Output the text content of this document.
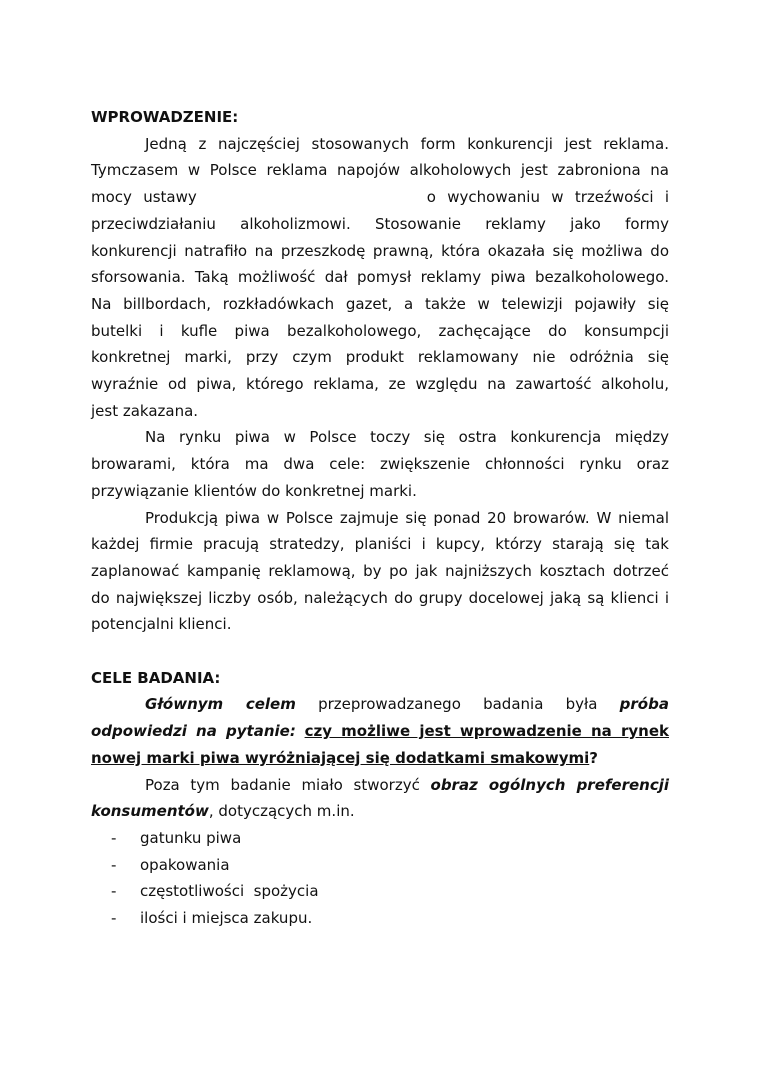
WPROWADZENIE:

Jedną z najczęściej stosowanych form konkurencji jest reklama.
Tymczasem w Polsce reklama napojów alkoholowych jest zabroniona na
mocy ustawy	o wychowaniu w trzeźwości i
przeciwdziałaniu alkoholizmowi. Stosowanie reklamy jako formy
konkurencji natrafiło na przeszkodę prawną, która okazała się możliwa do
sforsowania. Taką możliwość dał pomysł reklamy piwa bezalkoholowego.
Na billbordach, rozkładówkach gazet, a także w telewizji pojawiły się
butelki i kufle piwa bezalkoholowego, zachęcające do konsumpcji
konkretnej marki, przy czym produkt reklamowany nie odróżnia się
wyraźnie od piwa, którego reklama, ze względu na zawartość alkoholu,
jest zakazana.

Na rynku piwa w Polsce toczy się ostra konkurencja między
browarami, która ma dwa cele: zwiększenie chłonności rynku oraz
przywiązanie klientów do konkretnej marki.

Produkcją piwa w Polsce zajmuje się ponad 20 browarów. W niemal
każdej firmie pracują stratedzy, planiści i kupcy, którzy starają się tak
zaplanować kampanię reklamową, by po jak najniższych kosztach dotrzeć
do największej liczby osób, należących do grupy docelowej jaką są klienci i
potencjalni klienci.

CELE BADANIA:

Głównym celem przeprowadzanego badania była próba
odpowiedzi na pytanie: czy możliwe jest wprowadzenie na rynek
nowej marki piwa wyróżniającej się dodatkami smakowymi?

Poza tym badanie miało stworzyć obraz ogólnych preferencji
konsumentów, dotyczących m.in.

- gatunku piwa
- opakowania
- częstotliwości  spożycia
- ilości i miejsca zakupu.
